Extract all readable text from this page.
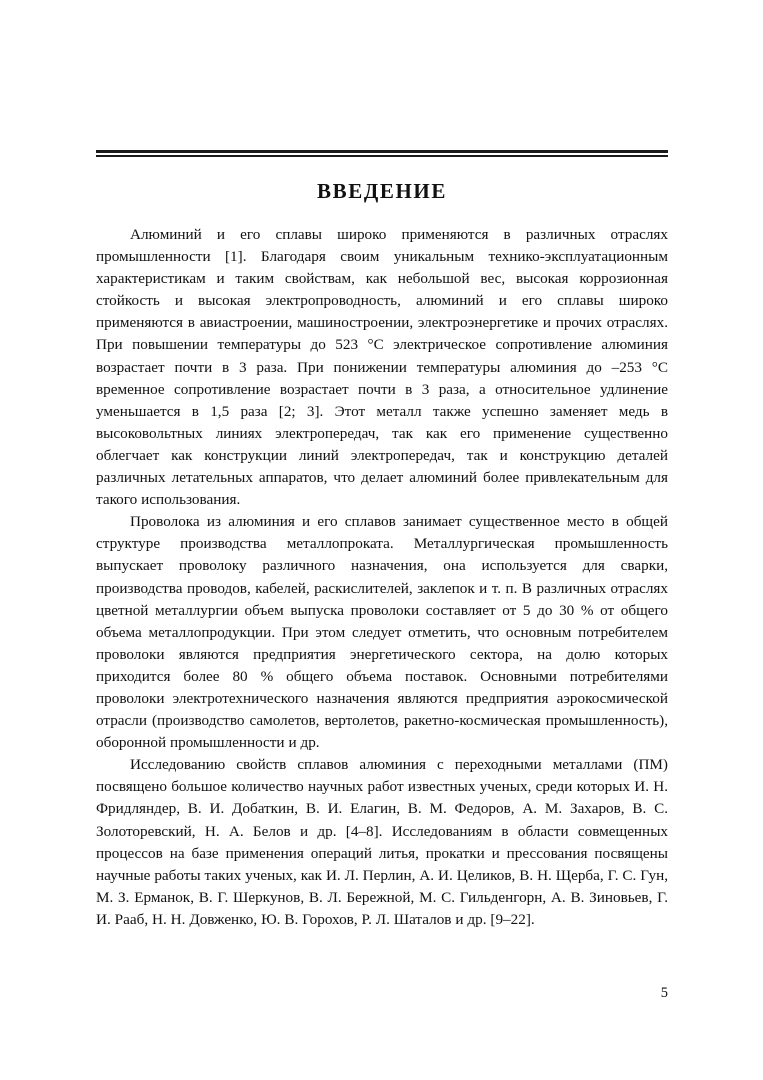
ВВЕДЕНИЕ

Алюминий и его сплавы широко применяются в различных отраслях промышленности [1]. Благодаря своим уникальным технико-эксплуатационным характеристикам и таким свойствам, как небольшой вес, высокая коррозионная стойкость и высокая электропроводность, алюминий и его сплавы широко применяются в авиастроении, машиностроении, электроэнергетике и прочих отраслях. При повышении температуры до 523 °С электрическое сопротивление алюминия возрастает почти в 3 раза. При понижении температуры алюминия до –253 °С временное сопротивление возрастает почти в 3 раза, а относительное удлинение уменьшается в 1,5 раза [2; 3]. Этот металл также успешно заменяет медь в высоковольтных линиях электропередач, так как его применение существенно облегчает как конструкции линий электропередач, так и конструкцию деталей различных летательных аппаратов, что делает алюминий более привлекательным для такого использования.

Проволока из алюминия и его сплавов занимает существенное место в общей структуре производства металлопроката. Металлургическая промышленность выпускает проволоку различного назначения, она используется для сварки, производства проводов, кабелей, раскислителей, заклепок и т. п. В различных отраслях цветной металлургии объем выпуска проволоки составляет от 5 до 30 % от общего объема металлопродукции. При этом следует отметить, что основным потребителем проволоки являются предприятия энергетического сектора, на долю которых приходится более 80 % общего объема поставок. Основными потребителями проволоки электротехнического назначения являются предприятия аэрокосмической отрасли (производство самолетов, вертолетов, ракетно-космическая промышленность), оборонной промышленности и др.

Исследованию свойств сплавов алюминия с переходными металлами (ПМ) посвящено большое количество научных работ известных ученых, среди которых И. Н. Фридляндер, В. И. Добаткин, В. И. Елагин, В. М. Федоров, А. М. Захаров, В. С. Золоторевский, Н. А. Белов и др. [4–8]. Исследованиям в области совмещенных процессов на базе применения операций литья, прокатки и прессования посвящены научные работы таких ученых, как И. Л. Перлин, А. И. Целиков, В. Н. Щерба, Г. С. Гун, М. З. Ерманок, В. Г. Шеркунов, В. Л. Бережной, М. С. Гильденгорн, А. В. Зиновьев, Г. И. Рааб, Н. Н. Довженко, Ю. В. Горохов, Р. Л. Шаталов и др. [9–22].

5
